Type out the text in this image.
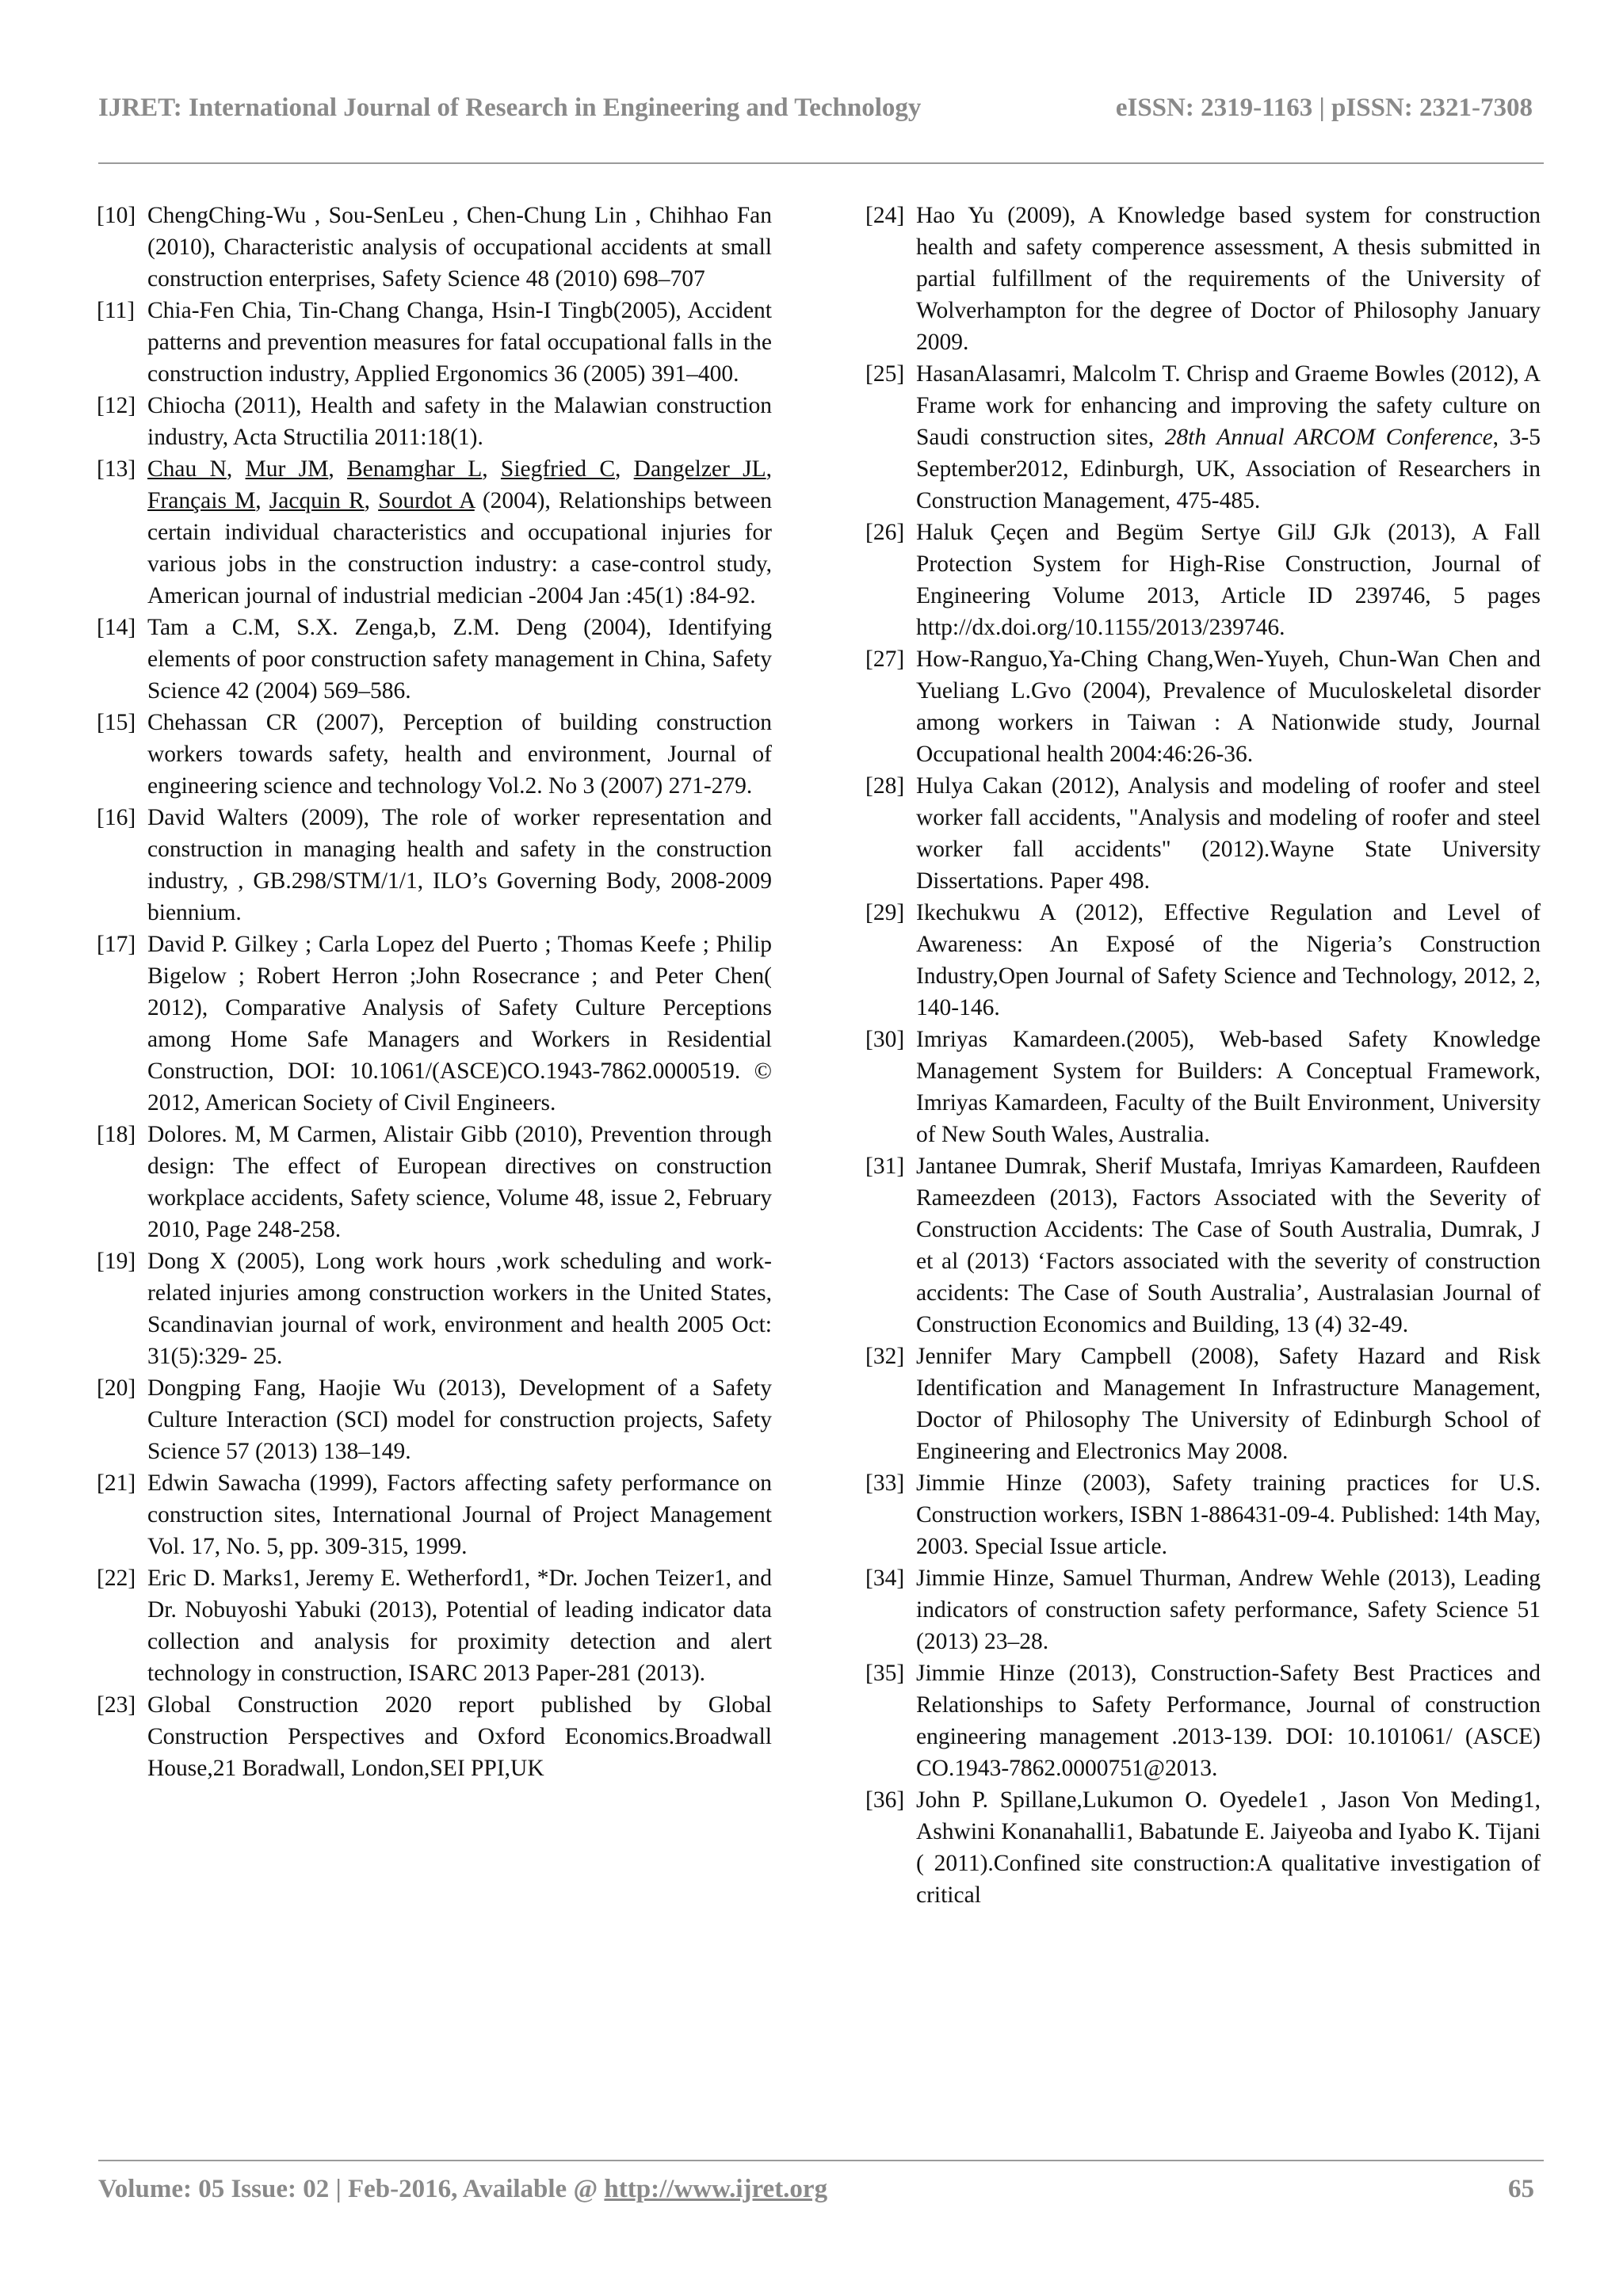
IJRET: International Journal of Research in Engineering and Technology	eISSN: 2319-1163 | pISSN: 2321-7308
[10] ChengChing-Wu , Sou-SenLeu , Chen-Chung Lin , Chihhao Fan (2010), Characteristic analysis of occupational accidents at small construction enterprises, Safety Science 48 (2010) 698–707
[11] Chia-Fen Chia, Tin-Chang Changa, Hsin-I Tingb(2005), Accident patterns and prevention measures for fatal occupational falls in the construction industry, Applied Ergonomics 36 (2005) 391–400.
[12] Chiocha (2011), Health and safety in the Malawian construction industry, Acta Structilia 2011:18(1).
[13] Chau N, Mur JM, Benamghar L, Siegfried C, Dangelzer JL, Français M, Jacquin R, Sourdot A (2004), Relationships between certain individual characteristics and occupational injuries for various jobs in the construction industry: a case-control study, American journal of industrial medician -2004 Jan :45(1) :84-92.
[14] Tam a C.M, S.X. Zenga,b, Z.M. Deng (2004), Identifying elements of poor construction safety management in China, Safety Science 42 (2004) 569–586.
[15] Chehassan CR (2007), Perception of building construction workers towards safety, health and environment, Journal of engineering science and technology Vol.2. No 3 (2007) 271-279.
[16] David Walters (2009), The role of worker representation and construction in managing health and safety in the construction industry, , GB.298/STM/1/1, ILO’s Governing Body, 2008-2009 biennium.
[17] David P. Gilkey ; Carla Lopez del Puerto ; Thomas Keefe ; Philip Bigelow ; Robert Herron ;John Rosecrance ; and Peter Chen( 2012), Comparative Analysis of Safety Culture Perceptions among Home Safe Managers and Workers in Residential Construction, DOI: 10.1061/(ASCE)CO.1943-7862.0000519. © 2012, American Society of Civil Engineers.
[18] Dolores. M, M Carmen, Alistair Gibb (2010), Prevention through design: The effect of European directives on construction workplace accidents, Safety science, Volume 48, issue 2, February 2010, Page 248-258.
[19] Dong X (2005), Long work hours ,work scheduling and work-related injuries among construction workers in the United States, Scandinavian journal of work, environment and health 2005 Oct: 31(5):329- 25.
[20] Dongping Fang, Haojie Wu (2013), Development of a Safety Culture Interaction (SCI) model for construction projects, Safety Science 57 (2013) 138–149.
[21] Edwin Sawacha (1999), Factors affecting safety performance on construction sites, International Journal of Project Management Vol. 17, No. 5, pp. 309-315, 1999.
[22] Eric D. Marks1, Jeremy E. Wetherford1, *Dr. Jochen Teizer1, and Dr. Nobuyoshi Yabuki (2013), Potential of leading indicator data collection and analysis for proximity detection and alert technology in construction, ISARC 2013 Paper-281 (2013).
[23] Global Construction 2020 report published by Global Construction Perspectives and Oxford Economics.Broadwall House,21 Boradwall, London,SEI PPI,UK
[24] Hao Yu (2009), A Knowledge based system for construction health and safety comperence assessment, A thesis submitted in partial fulfillment of the requirements of the University of Wolverhampton for the degree of Doctor of Philosophy January 2009.
[25] HasanAlasamri, Malcolm T. Chrisp and Graeme Bowles (2012), A Frame work for enhancing and improving the safety culture on Saudi construction sites, 28th Annual ARCOM Conference, 3-5 September2012, Edinburgh, UK, Association of Researchers in Construction Management, 475-485.
[26] Haluk Çeçen and Begüm Sertye GilJ GJk (2013), A Fall Protection System for High-Rise Construction, Journal of Engineering Volume 2013, Article ID 239746, 5 pages http://dx.doi.org/10.1155/2013/239746.
[27] How-Ranguo,Ya-Ching Chang,Wen-Yuyeh, Chun-Wan Chen and Yueliang L.Gvo (2004), Prevalence of Muculoskeletal disorder among workers in Taiwan : A Nationwide study, Journal Occupational health 2004:46:26-36.
[28] Hulya Cakan (2012), Analysis and modeling of roofer and steel worker fall accidents, "Analysis and modeling of roofer and steel worker fall accidents" (2012).Wayne State University Dissertations. Paper 498.
[29] Ikechukwu A (2012), Effective Regulation and Level of Awareness: An Exposé of the Nigeria’s Construction Industry,Open Journal of Safety Science and Technology, 2012, 2, 140-146.
[30] Imriyas Kamardeen.(2005), Web-based Safety Knowledge Management System for Builders: A Conceptual Framework, Imriyas Kamardeen, Faculty of the Built Environment, University of New South Wales, Australia.
[31] Jantanee Dumrak, Sherif Mustafa, Imriyas Kamardeen, Raufdeen Rameezdeen (2013), Factors Associated with the Severity of Construction Accidents: The Case of South Australia, Dumrak, J et al (2013) ‘Factors associated with the severity of construction accidents: The Case of South Australia’, Australasian Journal of Construction Economics and Building, 13 (4) 32-49.
[32] Jennifer Mary Campbell (2008), Safety Hazard and Risk Identification and Management In Infrastructure Management, Doctor of Philosophy The University of Edinburgh School of Engineering and Electronics May 2008.
[33] Jimmie Hinze (2003), Safety training practices for U.S. Construction workers, ISBN 1-886431-09-4. Published: 14th May, 2003. Special Issue article.
[34] Jimmie Hinze, Samuel Thurman, Andrew Wehle (2013), Leading indicators of construction safety performance, Safety Science 51 (2013) 23–28.
[35] Jimmie Hinze (2013), Construction-Safety Best Practices and Relationships to Safety Performance, Journal of construction engineering management .2013-139. DOI: 10.101061/ (ASCE) CO.1943-7862.0000751@2013.
[36] John P. Spillane,Lukumon O. Oyedele1 , Jason Von Meding1, Ashwini Konanahalli1, Babatunde E. Jaiyeoba and Iyabo K. Tijani ( 2011).Confined site construction:A qualitative investigation of critical
Volume: 05 Issue: 02 | Feb-2016, Available @ http://www.ijret.org	65
